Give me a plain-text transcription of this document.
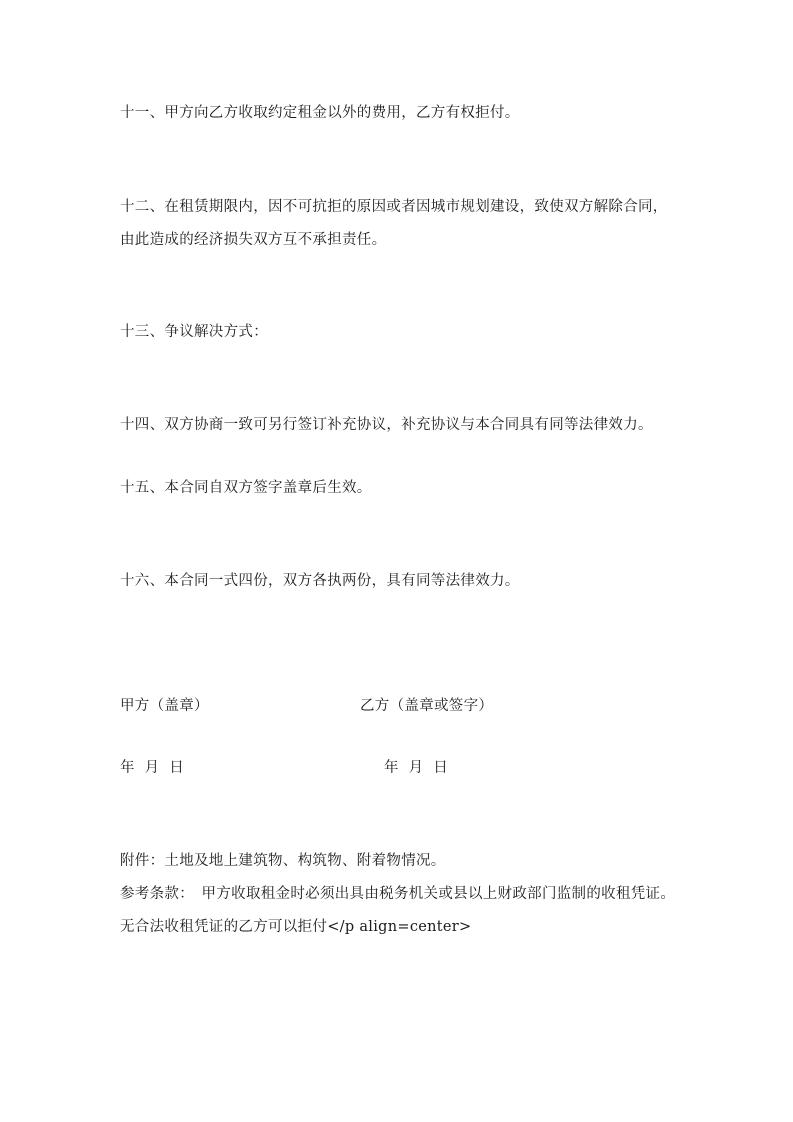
十一、甲方向乙方收取约定租金以外的费用，乙方有权拒付。
十二、在租赁期限内，因不可抗拒的原因或者因城市规划建设，致使双方解除合同，由此造成的经济损失双方互不承担责任。
十三、争议解决方式：
十四、双方协商一致可另行签订补充协议，补充协议与本合同具有同等法律效力。
十五、本合同自双方签字盖章后生效。
十六、本合同一式四份，双方各执两份，具有同等法律效力。
甲方（盖章）	乙方（盖章或签字）
年  月  日	年  月  日
附件：土地及地上建筑物、构筑物、附着物情况。
参考条款：　甲方收取租金时必须出具由税务机关或县以上财政部门监制的收租凭证。无合法收租凭证的乙方可以拒付</p align=center>
